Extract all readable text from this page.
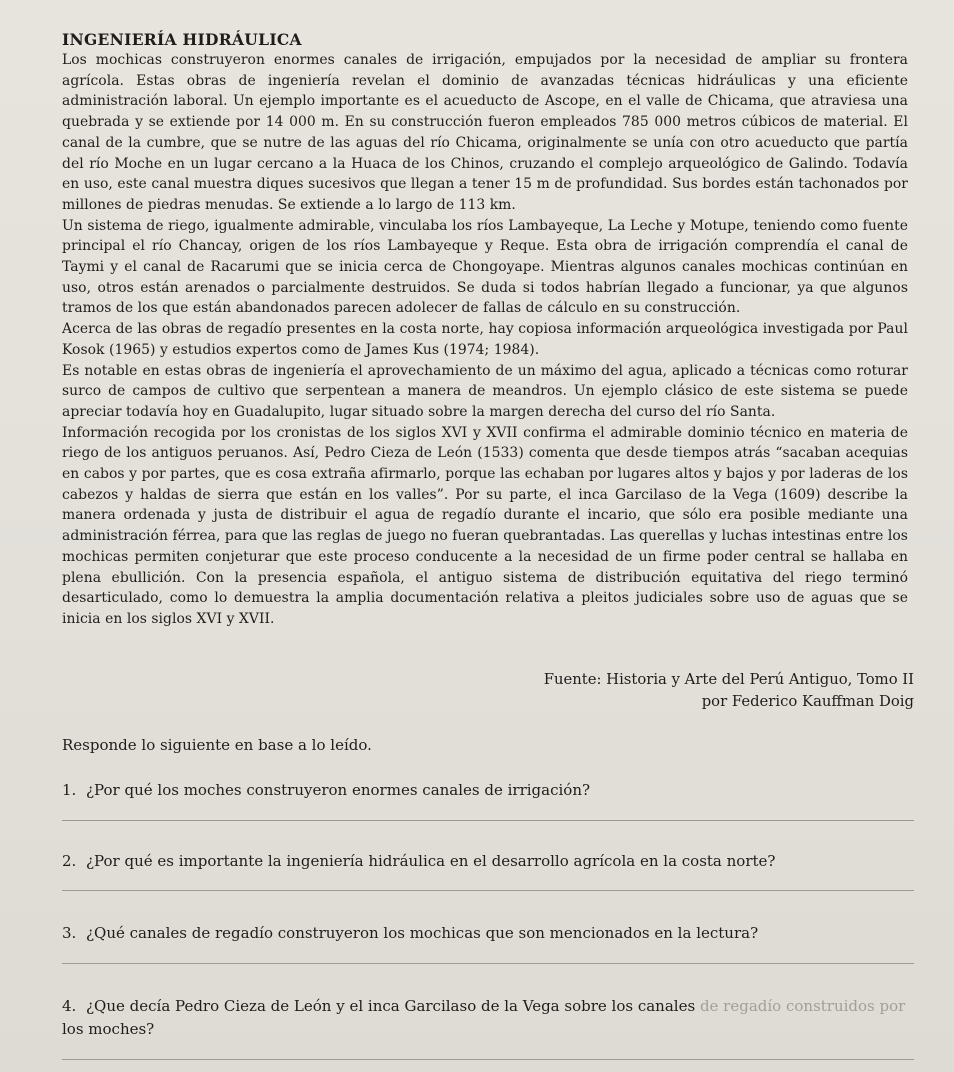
INGENIERÍA HIDRÁULICA

Los mochicas construyeron enormes canales de irrigación, empujados por la necesidad de ampliar su frontera agrícola. Estas obras de ingeniería revelan el dominio de avanzadas técnicas hidráulicas y una eficiente administración laboral. Un ejemplo importante es el acueducto de Ascope, en el valle de Chicama, que atraviesa una quebrada y se extiende por 14 000 m. En su construcción fueron empleados 785 000 metros cúbicos de material. El canal de la cumbre, que se nutre de las aguas del río Chicama, originalmente se unía con otro acueducto que partía del río Moche en un lugar cercano a la Huaca de los Chinos, cruzando el complejo arqueológico de Galindo. Todavía en uso, este canal muestra diques sucesivos que llegan a tener 15 m de profundidad. Sus bordes están tachonados por millones de piedras menudas. Se extiende a lo largo de 113 km.

Un sistema de riego, igualmente admirable, vinculaba los ríos Lambayeque, La Leche y Motupe, teniendo como fuente principal el río Chancay, origen de los ríos Lambayeque y Reque. Esta obra de irrigación comprendía el canal de Taymi y el canal de Racarumi que se inicia cerca de Chongoyape. Mientras algunos canales mochicas continúan en uso, otros están arenados o parcialmente destruidos. Se duda si todos habrían llegado a funcionar, ya que algunos tramos de los que están abandonados parecen adolecer de fallas de cálculo en su construcción.

Acerca de las obras de regadío presentes en la costa norte, hay copiosa información arqueológica investigada por Paul Kosok (1965) y estudios expertos como de James Kus (1974; 1984).

Es notable en estas obras de ingeniería el aprovechamiento de un máximo del agua, aplicado a técnicas como roturar surco de campos de cultivo que serpentean a manera de meandros. Un ejemplo clásico de este sistema se puede apreciar todavía hoy en Guadalupito, lugar situado sobre la margen derecha del curso del río Santa.

Información recogida por los cronistas de los siglos XVI y XVII confirma el admirable dominio técnico en materia de riego de los antiguos peruanos. Así, Pedro Cieza de León (1533) comenta que desde tiempos atrás “sacaban acequias en cabos y por partes, que es cosa extraña afirmarlo, porque las echaban por lugares altos y bajos y por laderas de los cabezos y haldas de sierra que están en los valles”. Por su parte, el inca Garcilaso de la Vega (1609) describe la manera ordenada y justa de distribuir el agua de regadío durante el incario, que sólo era posible mediante una administración férrea, para que las reglas de juego no fueran quebrantadas. Las querellas y luchas intestinas entre los mochicas permiten conjeturar que este proceso conducente a la necesidad de un firme poder central se hallaba en plena ebullición. Con la presencia española, el antiguo sistema de distribución equitativa del riego terminó desarticulado, como lo demuestra la amplia documentación relativa a pleitos judiciales sobre uso de aguas que se inicia en los siglos XVI y XVII.

Fuente: Historia y Arte del Perú Antiguo, Tomo II
por Federico Kauffman Doig
Responde lo siguiente en base a lo leído.
1. ¿Por qué los moches construyeron enormes canales de irrigación?
2. ¿Por qué es importante la ingeniería hidráulica en el desarrollo agrícola en la costa norte?
3. ¿Qué canales de regadío construyeron los mochicas que son mencionados en la lectura?
4. ¿Que decía Pedro Cieza de León y el inca Garcilaso de la Vega sobre los canales de regadío construidos por
los moches?
